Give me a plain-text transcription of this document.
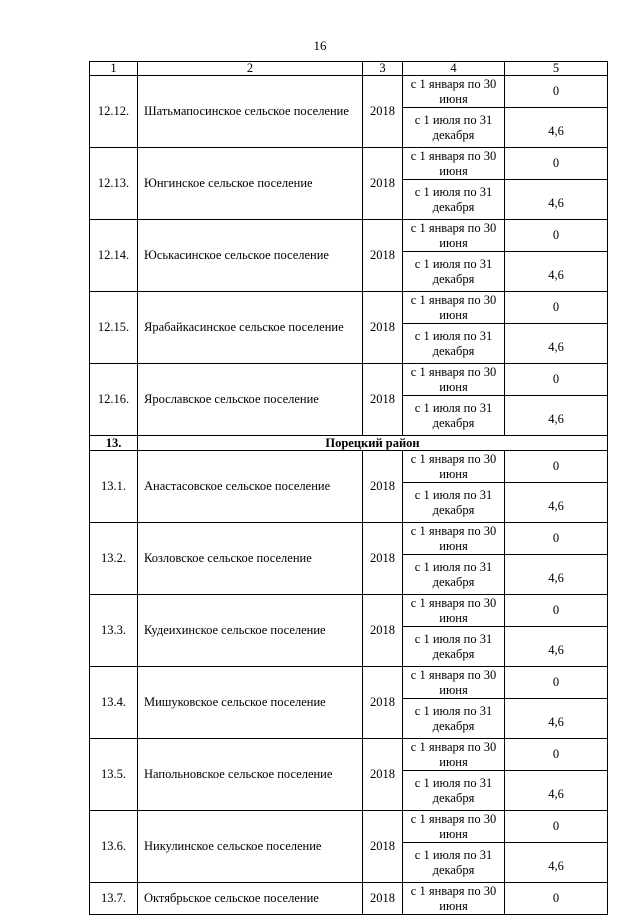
16
1	2	3	4	5
12.12.	Шатьмапосинское сельское поселение	2018	с 1 января по 30 июня	0
			с 1 июля по 31 декабря	4,6
12.13.	Юнгинское сельское поселение	2018	с 1 января по 30 июня	0
			с 1 июля по 31 декабря	4,6
12.14.	Юськасинское сельское поселение	2018	с 1 января по 30 июня	0
			с 1 июля по 31 декабря	4,6
12.15.	Ярабайкасинское сельское поселение	2018	с 1 января по 30 июня	0
			с 1 июля по 31 декабря	4,6
12.16.	Ярославское сельское поселение	2018	с 1 января по 30 июня	0
			с 1 июля по 31 декабря	4,6
13.	Порецкий район			
13.1.	Анастасовское сельское поселение	2018	с 1 января по 30 июня	0
			с 1 июля по 31 декабря	4,6
13.2.	Козловское сельское поселение	2018	с 1 января по 30 июня	0
			с 1 июля по 31 декабря	4,6
13.3.	Кудеихинское сельское поселение	2018	с 1 января по 30 июня	0
			с 1 июля по 31 декабря	4,6
13.4.	Мишуковское сельское поселение	2018	с 1 января по 30 июня	0
			с 1 июля по 31 декабря	4,6
13.5.	Напольновское сельское поселение	2018	с 1 января по 30 июня	0
			с 1 июля по 31 декабря	4,6
13.6.	Никулинское сельское поселение	2018	с 1 января по 30 июня	0
			с 1 июля по 31 декабря	4,6
13.7.	Октябрьское сельское поселение	2018	с 1 января по 30 июня	0
